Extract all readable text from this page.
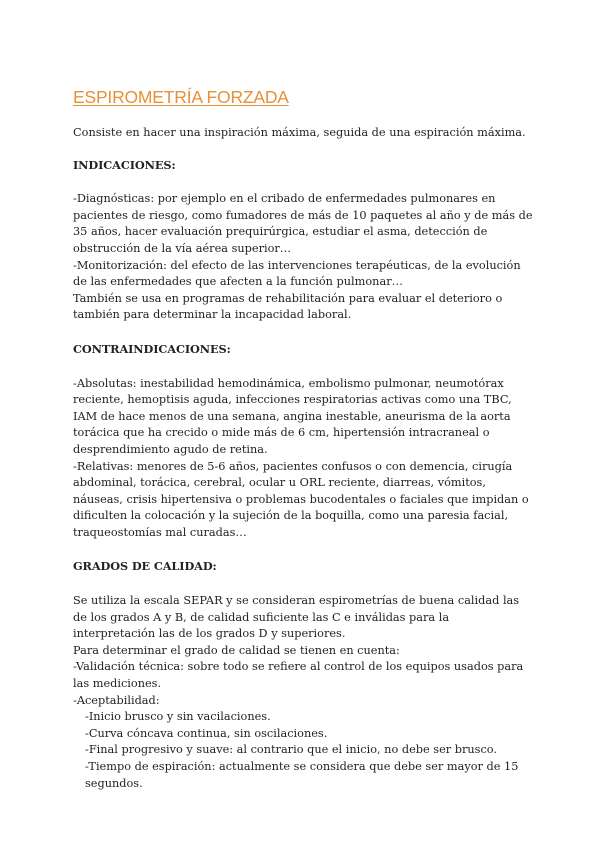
ESPIROMETRÍA FORZADA

Consiste en hacer una inspiración máxima, seguida de una espiración máxima.

INDICACIONES:

-Diagnósticas: por ejemplo en el cribado de enfermedades pulmonares en pacientes de riesgo, como fumadores de más de 10 paquetes al año y de más de 35 años, hacer evaluación prequirúrgica, estudiar el asma, detección de obstrucción de la vía aérea superior…

-Monitorización: del efecto de las intervenciones terapéuticas, de la evolución de las enfermedades que afecten a la función pulmonar…

También se usa en programas de rehabilitación para evaluar el deterioro o también para determinar la incapacidad laboral.

CONTRAINDICACIONES:

-Absolutas: inestabilidad hemodinámica, embolismo pulmonar, neumotórax reciente, hemoptisis aguda, infecciones respiratorias activas como una TBC, IAM de hace menos de una semana, angina inestable, aneurisma de la aorta torácica que ha crecido o mide más de 6 cm, hipertensión intracraneal o desprendimiento agudo de retina.

-Relativas: menores de 5-6 años, pacientes confusos o con demencia, cirugía abdominal, torácica, cerebral, ocular u ORL reciente, diarreas, vómitos, náuseas, crisis hipertensiva o problemas bucodentales o faciales que impidan o dificulten la colocación y la sujeción de la boquilla, como una paresia facial, traqueostomías mal curadas…

GRADOS DE CALIDAD:

Se utiliza la escala SEPAR y se consideran espirometrías de buena calidad las de los grados A y B, de calidad suficiente las C e inválidas para la interpretación las de los grados D y superiores.

Para determinar el grado de calidad se tienen en cuenta:

-Validación técnica: sobre todo se refiere al control de los equipos usados para las mediciones.

-Aceptabilidad:

-Inicio brusco y sin vacilaciones.

-Curva cóncava continua, sin oscilaciones.

-Final progresivo y suave: al contrario que el inicio, no debe ser brusco.

-Tiempo de espiración: actualmente se considera que debe ser mayor de 15 segundos.
